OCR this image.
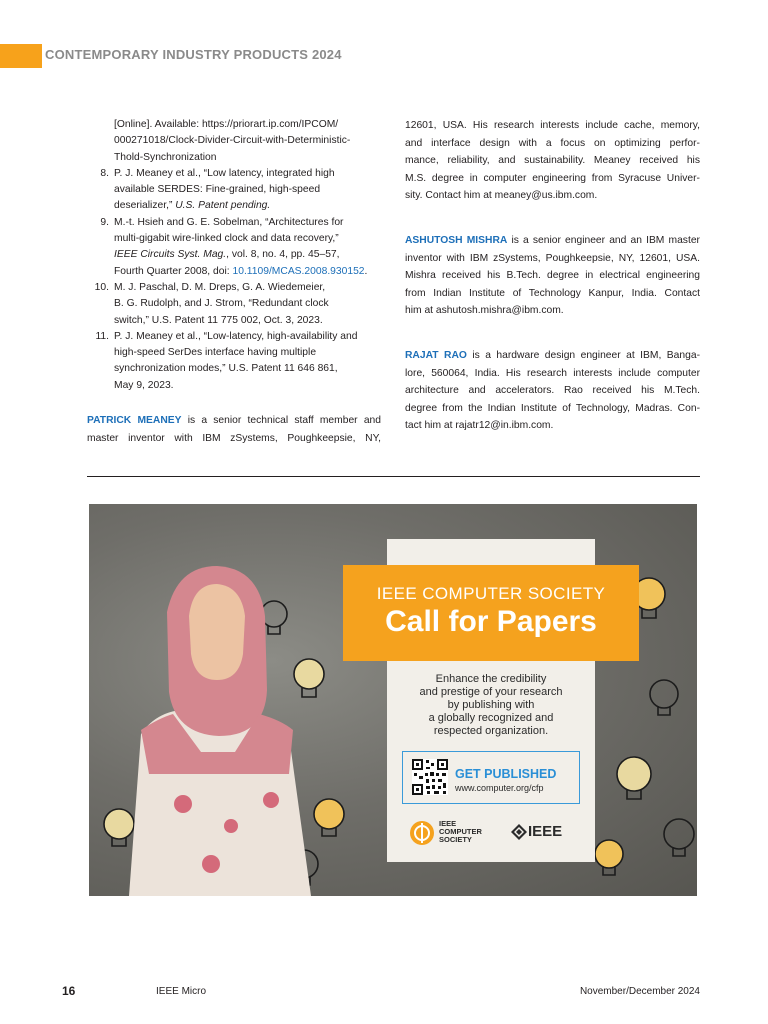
CONTEMPORARY INDUSTRY PRODUCTS 2024
[Online]. Available: https://priorart.ip.com/IPCOM/
000271018/Clock-Divider-Circuit-with-Deterministic-
Thold-Synchronization
8. P. J. Meaney et al., “Low latency, integrated high
available SERDES: Fine-grained, high-speed
deserializer,” U.S. Patent pending.
9. M.-t. Hsieh and G. E. Sobelman, “Architectures for
multi-gigabit wire-linked clock and data recovery,”
IEEE Circuits Syst. Mag., vol. 8, no. 4, pp. 45–57,
Fourth Quarter 2008, doi: 10.1109/MCAS.2008.930152.
10. M. J. Paschal, D. M. Dreps, G. A. Wiedemeier,
B. G. Rudolph, and J. Strom, “Redundant clock
switch,” U.S. Patent 11 775 002, Oct. 3, 2023.
11. P. J. Meaney et al., “Low-latency, high-availability and
high-speed SerDes interface having multiple
synchronization modes,” U.S. Patent 11 646 861,
May 9, 2023.
PATRICK MEANEY is a senior technical staff member and
master inventor with IBM zSystems, Poughkeepsie, NY,
12601, USA. His research interests include cache, memory,
and interface design with a focus on optimizing perfor-
mance, reliability, and sustainability. Meaney received his
M.S. degree in computer engineering from Syracuse Univer-
sity. Contact him at meaney@us.ibm.com.
ASHUTOSH MISHRA is a senior engineer and an IBM master
inventor with IBM zSystems, Poughkeepsie, NY, 12601, USA.
Mishra received his B.Tech. degree in electrical engineering
from Indian Institute of Technology Kanpur, India. Contact
him at ashutosh.mishra@ibm.com.
RAJAT RAO is a hardware design engineer at IBM, Banga-
lore, 560064, India. His research interests include computer
architecture and accelerators. Rao received his M.Tech.
degree from the Indian Institute of Technology, Madras. Con-
tact him at rajatr12@in.ibm.com.
IEEE COMPUTER SOCIETY
Call for Papers
Enhance the credibility
and prestige of your research
by publishing with
a globally recognized and
respected organization.
GET PUBLISHED
www.computer.org/cfp
IEEE
COMPUTER
SOCIETY	IEEE
16	IEEE Micro	November/December 2024
